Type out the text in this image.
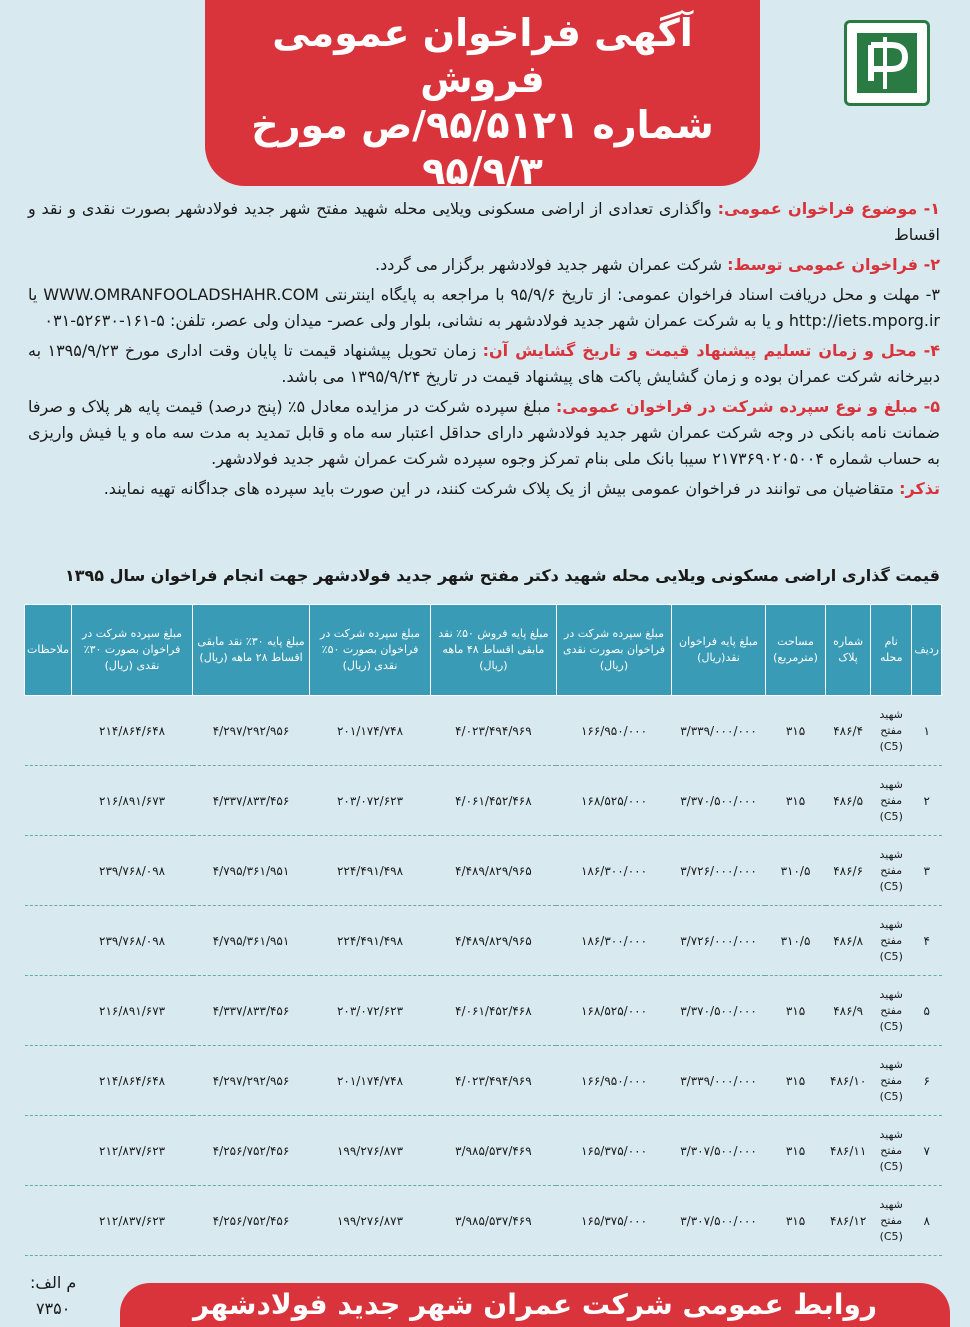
آگهی فراخوان عمومی فروش
شماره ۹۵/۵۱۲۱/ص مورخ
۹۵/۹/۳

۱- موضوع فراخوان عمومی: واگذاری تعدادی از اراضی مسکونی ویلایی محله شهید مفتح شهر جدید فولادشهر بصورت نقدی و نقد و اقساط

۲- فراخوان عمومی توسط: شرکت عمران شهر جدید فولادشهر برگزار می گردد.

۳- مهلت و محل دریافت اسناد فراخوان عمومی: از تاریخ ۹۵/۹/۶ با مراجعه به پایگاه اینترنتی WWW.OMRANFOOLADSHAHR.COM یا http://iets.mporg.ir و یا به شرکت عمران شهر جدید فولادشهر به نشانی، بلوار ولی عصر- میدان ولی عصر، تلفن: ۵-۱۶۱-۵۲۶۳۰-۰۳۱

۴- محل و زمان تسلیم پیشنهاد قیمت و تاریخ گشایش آن: زمان تحویل پیشنهاد قیمت تا پایان وقت اداری مورخ ۱۳۹۵/۹/۲۳ به دبیرخانه شرکت عمران بوده و زمان گشایش پاکت های پیشنهاد قیمت در تاریخ ۱۳۹۵/۹/۲۴ می باشد.

۵- مبلغ و نوع سپرده شرکت در فراخوان عمومی: مبلغ سپرده شرکت در مزایده معادل ۵٪ (پنج درصد) قیمت پایه هر پلاک و صرفا ضمانت نامه بانکی در وجه شرکت عمران شهر جدید فولادشهر دارای حداقل اعتبار سه ماه و قابل تمدید به مدت سه ماه و یا فیش واریزی به حساب شماره ۲۱۷۳۶۹۰۲۰۵۰۰۴ سیبا بانک ملی بنام تمرکز وجوه سپرده شرکت عمران شهر جدید فولادشهر.

تذکر: متقاضیان می توانند در فراخوان عمومی بیش از یک پلاک شرکت کنند، در این صورت باید سپرده های جداگانه تهیه نمایند.

قیمت گذاری اراضی مسکونی ویلایی محله شهید دکتر مفتح شهر جدید فولادشهر جهت انجام فراخوان سال ۱۳۹۵
ردیف	نام محله	شماره پلاک	مساحت (مترمربع)	مبلغ پایه فراخوان نقد(ریال)	مبلغ سپرده شرکت در فراخوان بصورت نقدی (ریال)	مبلغ پایه فروش ۵۰٪ نقد مابقی اقساط ۴۸ ماهه (ریال)	مبلغ سپرده شرکت در فراخوان بصورت ۵۰٪ نقدی (ریال)	مبلغ پایه ۳۰٪ نقد مابقی اقساط ۲۸ ماهه (ریال)	مبلغ سپرده شرکت در فراخوان بصورت ۳۰٪ نقدی (ریال)	ملاحظات
۱	شهید مفتح (C5)	۴۸۶/۴	۳۱۵	۳/۳۳۹/۰۰۰/۰۰۰	۱۶۶/۹۵۰/۰۰۰	۴/۰۲۳/۴۹۴/۹۶۹	۲۰۱/۱۷۴/۷۴۸	۴/۲۹۷/۲۹۲/۹۵۶	۲۱۴/۸۶۴/۶۴۸	
۲	شهید مفتح (C5)	۴۸۶/۵	۳۱۵	۳/۳۷۰/۵۰۰/۰۰۰	۱۶۸/۵۲۵/۰۰۰	۴/۰۶۱/۴۵۲/۴۶۸	۲۰۳/۰۷۲/۶۲۳	۴/۳۳۷/۸۳۳/۴۵۶	۲۱۶/۸۹۱/۶۷۳	
۳	شهید مفتح (C5)	۴۸۶/۶	۳۱۰/۵	۳/۷۲۶/۰۰۰/۰۰۰	۱۸۶/۳۰۰/۰۰۰	۴/۴۸۹/۸۲۹/۹۶۵	۲۲۴/۴۹۱/۴۹۸	۴/۷۹۵/۳۶۱/۹۵۱	۲۳۹/۷۶۸/۰۹۸	
۴	شهید مفتح (C5)	۴۸۶/۸	۳۱۰/۵	۳/۷۲۶/۰۰۰/۰۰۰	۱۸۶/۳۰۰/۰۰۰	۴/۴۸۹/۸۲۹/۹۶۵	۲۲۴/۴۹۱/۴۹۸	۴/۷۹۵/۳۶۱/۹۵۱	۲۳۹/۷۶۸/۰۹۸	
۵	شهید مفتح (C5)	۴۸۶/۹	۳۱۵	۳/۳۷۰/۵۰۰/۰۰۰	۱۶۸/۵۲۵/۰۰۰	۴/۰۶۱/۴۵۲/۴۶۸	۲۰۳/۰۷۲/۶۲۳	۴/۳۳۷/۸۳۳/۴۵۶	۲۱۶/۸۹۱/۶۷۳	
۶	شهید مفتح (C5)	۴۸۶/۱۰	۳۱۵	۳/۳۳۹/۰۰۰/۰۰۰	۱۶۶/۹۵۰/۰۰۰	۴/۰۲۳/۴۹۴/۹۶۹	۲۰۱/۱۷۴/۷۴۸	۴/۲۹۷/۲۹۲/۹۵۶	۲۱۴/۸۶۴/۶۴۸	
۷	شهید مفتح (C5)	۴۸۶/۱۱	۳۱۵	۳/۳۰۷/۵۰۰/۰۰۰	۱۶۵/۳۷۵/۰۰۰	۳/۹۸۵/۵۳۷/۴۶۹	۱۹۹/۲۷۶/۸۷۳	۴/۲۵۶/۷۵۲/۴۵۶	۲۱۲/۸۳۷/۶۲۳	
۸	شهید مفتح (C5)	۴۸۶/۱۲	۳۱۵	۳/۳۰۷/۵۰۰/۰۰۰	۱۶۵/۳۷۵/۰۰۰	۳/۹۸۵/۵۳۷/۴۶۹	۱۹۹/۲۷۶/۸۷۳	۴/۲۵۶/۷۵۲/۴۵۶	۲۱۲/۸۳۷/۶۲۳	
م الف:
۷۳۵۰	روابط عمومی شرکت عمران شهر جدید فولادشهر
